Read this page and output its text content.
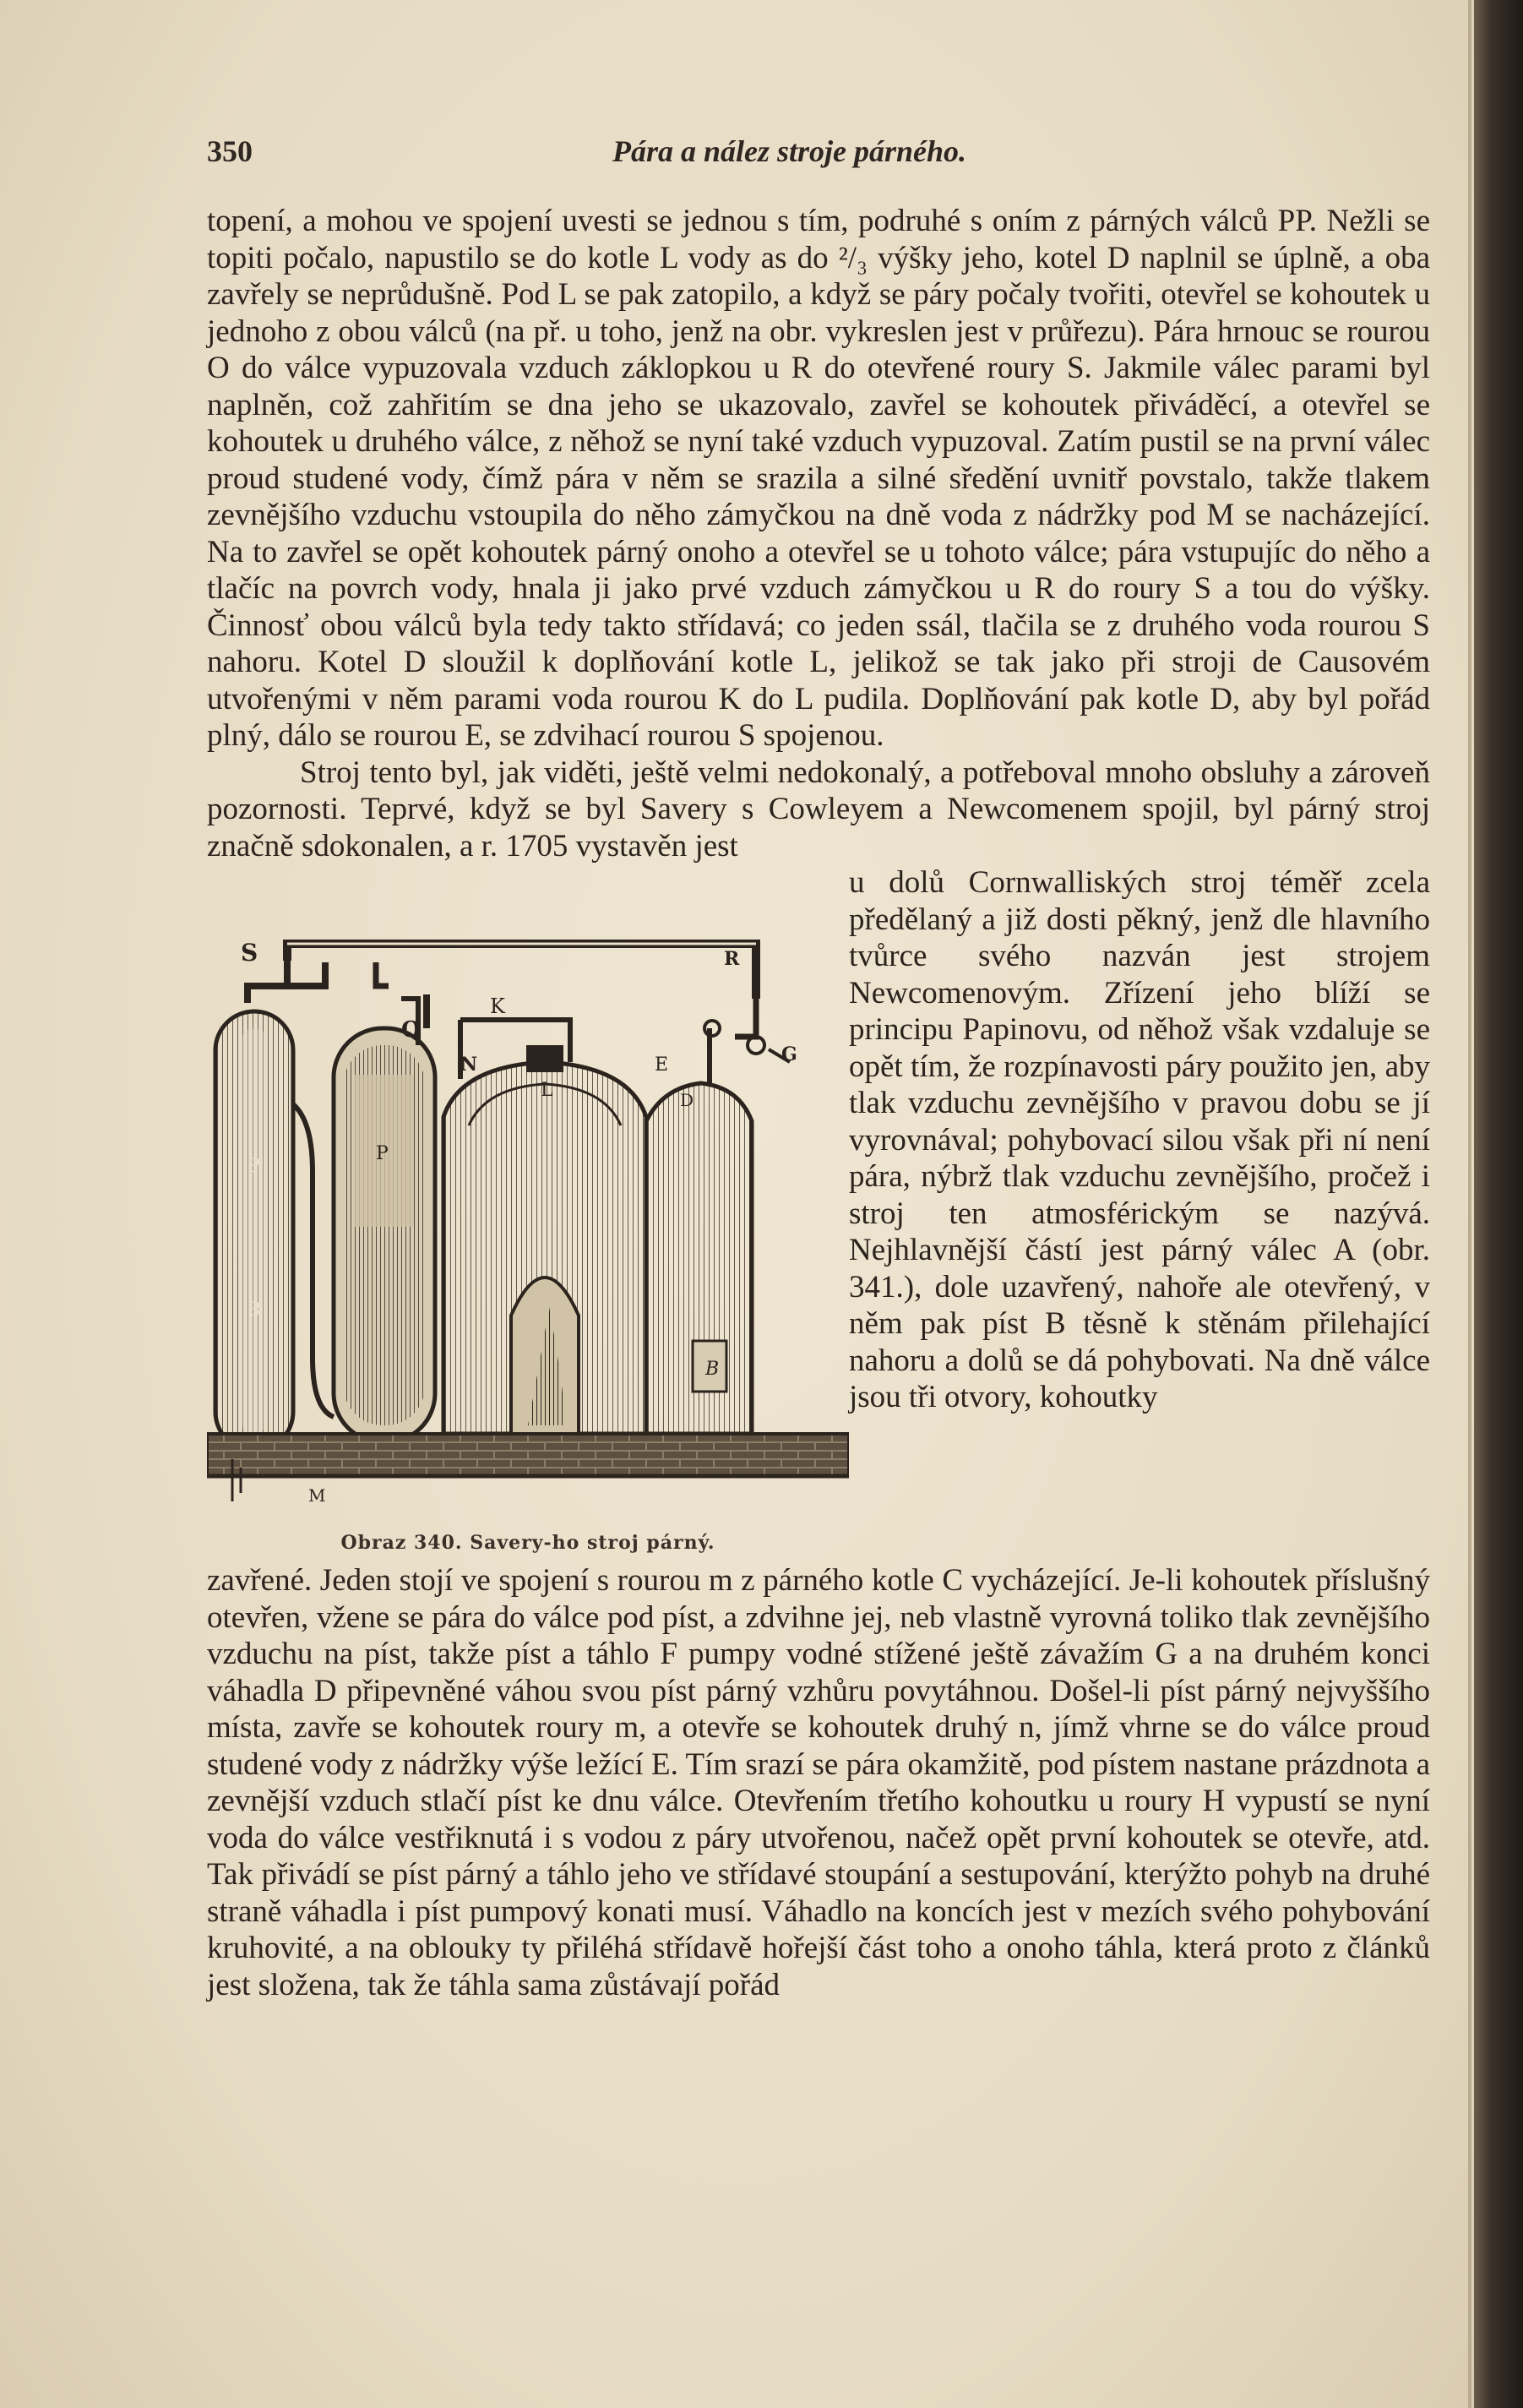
350	Pára a nález stroje párného.

topení, a mohou ve spojení uvesti se jednou s tím, podruhé s oním z párných válců PP. Nežli se topiti počalo, napustilo se do kotle L vody as do ²/₃ výšky jeho, kotel D naplnil se úplně, a oba zavřely se neprůdušně. Pod L se pak zatopilo, a když se páry počaly tvořiti, otevřel se kohoutek u jednoho z obou válců (na př. u toho, jenž na obr. vykreslen jest v průřezu). Pára hrnouc se rourou O do válce vypuzovala vzduch záklopkou u R do otevřené roury S. Jakmile válec parami byl naplněn, což zahřitím se dna jeho se ukazovalo, zavřel se kohoutek přiváděcí, a otevřel se kohoutek u druhého válce, z něhož se nyní také vzduch vypuzoval. Zatím pustil se na první válec proud studené vody, čímž pára v něm se srazila a silné sředění uvnitř povstalo, takže tlakem zevnějšího vzduchu vstoupila do něho zámyčkou na dně voda z nádržky pod M se nacházející. Na to zavřel se opět kohoutek párný onoho a otevřel se u tohoto válce; pára vstupujíc do něho a tlačíc na povrch vody, hnala ji jako prvé vzduch zámyčkou u R do roury S a tou do výšky. Činnosť obou válců byla tedy takto střídavá; co jeden ssál, tlačila se z druhého voda rourou S nahoru. Kotel D sloužil k doplňování kotle L, jelikož se tak jako při stroji de Causovém utvořenými v něm parami voda rourou K do L pudila. Doplňování pak kotle D, aby byl pořád plný, dálo se rourou E, se zdvihací rourou S spojenou.

Stroj tento byl, jak viděti, ještě velmi nedokonalý, a potřeboval mnoho obsluhy a zároveň pozornosti. Teprvé, když se byl Savery s Cowleyem a Newcomenem spojil, byl párný stroj značně sdokonalen, a r. 1705 vystavěn jest

S	R
O
K
N
L
E
D
G
P
P
R
B
M
Obraz 340. Savery-ho stroj párný.

u dolů Cornwalliských stroj téměř zcela předělaný a již dosti pěkný, jenž dle hlavního tvůrce svého nazván jest strojem Newcomenovým. Zřízení jeho blíží se principu Papinovu, od něhož však vzdaluje se opět tím, že rozpínavosti páry použito jen, aby tlak vzduchu zevnějšího v pravou dobu se jí vyrovnával; pohybovací silou však při ní není pára, nýbrž tlak vzduchu zevnějšího, pročež i stroj ten atmosférickým se nazývá. Nejhlavnější částí jest párný válec A (obr. 341.), dole uzavřený, nahoře ale otevřený, v něm pak píst B těsně k stěnám přilehající nahoru a dolů se dá pohybovati. Na dně válce jsou tři otvory, kohoutky

zavřené. Jeden stojí ve spojení s rourou m z párného kotle C vycházející. Je-li kohoutek příslušný otevřen, vžene se pára do válce pod píst, a zdvihne jej, neb vlastně vyrovná toliko tlak zevnějšího vzduchu na píst, takže píst a táhlo F pumpy vodné stížené ještě závažím G a na druhém konci váhadla D připevněné váhou svou píst párný vzhůru povytáhnou. Došel-li píst párný nejvyššího místa, zavře se kohoutek roury m, a otevře se kohoutek druhý n, jímž vhrne se do válce proud studené vody z nádržky výše ležící E. Tím srazí se pára okamžitě, pod pístem nastane prázdnota a zevnější vzduch stlačí píst ke dnu válce. Otevřením třetího kohoutku u roury H vypustí se nyní voda do válce vestřiknutá i s vodou z páry utvořenou, načež opět první kohoutek se otevře, atd. Tak přivádí se píst párný a táhlo jeho ve střídavé stoupání a sestupování, kterýžto pohyb na druhé straně váhadla i píst pumpový konati musí. Váhadlo na koncích jest v mezích svého pohybování kruhovité, a na oblouky ty přiléhá střídavě hořejší část toho a onoho táhla, která proto z článků jest složena, tak že táhla sama zůstávají pořád
